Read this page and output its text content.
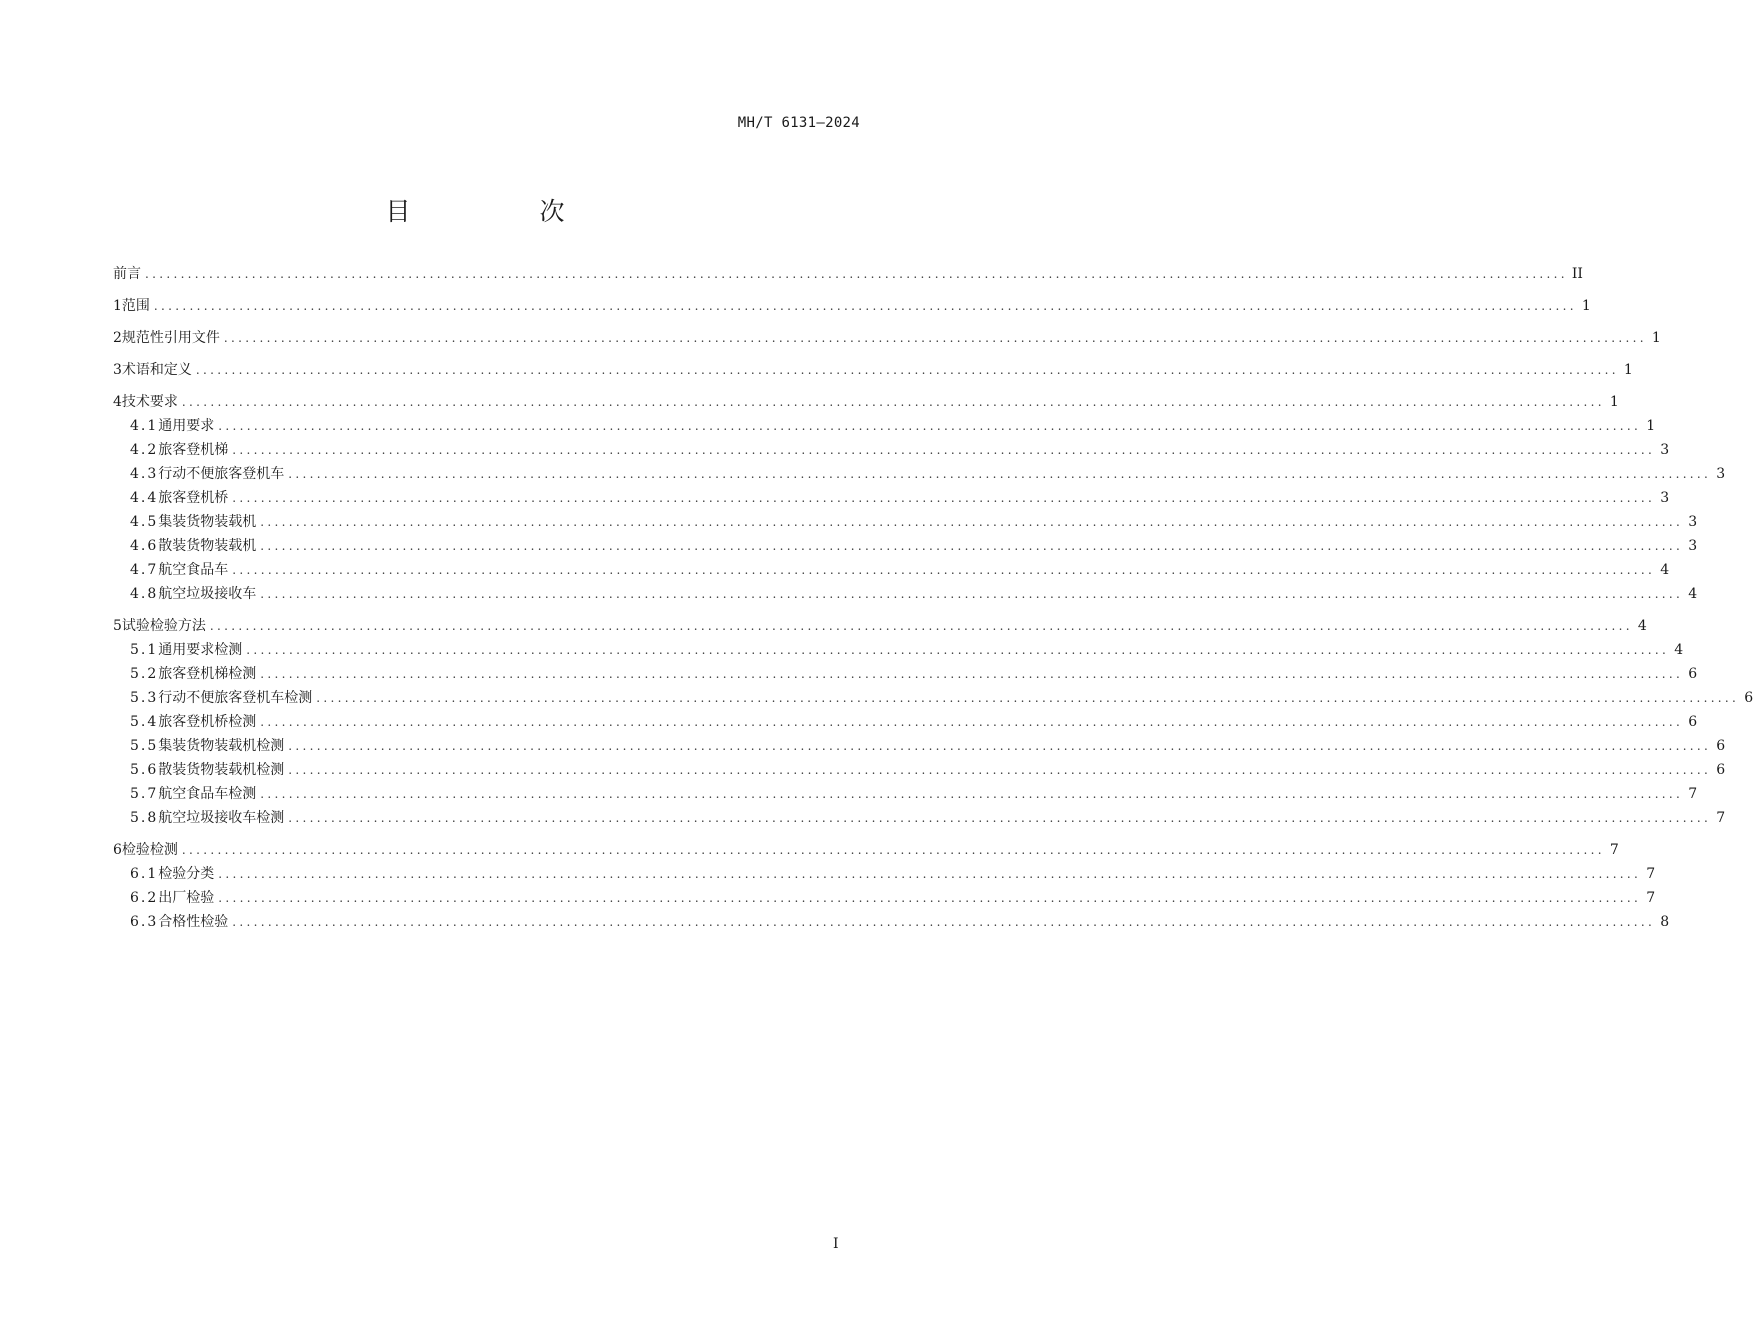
MH/T 6131—2024
目　次
前言 ........................................................................................................................................................................................................ II
1 范围 ........................................................................................................................................................................................................ 1
2 规范性引用文件 ........................................................................................................................................................................................................ 1
3 术语和定义 ........................................................................................................................................................................................................ 1
4 技术要求 ........................................................................................................................................................................................................ 1
4.1 通用要求 ........................................................................................................................................................................................................ 1
4.2 旅客登机梯 ........................................................................................................................................................................................................ 3
4.3 行动不便旅客登机车 ........................................................................................................................................................................................................ 3
4.4 旅客登机桥 ........................................................................................................................................................................................................ 3
4.5 集装货物装载机 ........................................................................................................................................................................................................ 3
4.6 散装货物装载机 ........................................................................................................................................................................................................ 3
4.7 航空食品车 ........................................................................................................................................................................................................ 4
4.8 航空垃圾接收车 ........................................................................................................................................................................................................ 4
5 试验检验方法 ........................................................................................................................................................................................................ 4
5.1 通用要求检测 ........................................................................................................................................................................................................ 4
5.2 旅客登机梯检测 ........................................................................................................................................................................................................ 6
5.3 行动不便旅客登机车检测 ........................................................................................................................................................................................................ 6
5.4 旅客登机桥检测 ........................................................................................................................................................................................................ 6
5.5 集装货物装载机检测 ........................................................................................................................................................................................................ 6
5.6 散装货物装载机检测 ........................................................................................................................................................................................................ 6
5.7 航空食品车检测 ........................................................................................................................................................................................................ 7
5.8 航空垃圾接收车检测 ........................................................................................................................................................................................................ 7
6 检验检测 ........................................................................................................................................................................................................ 7
6.1 检验分类 ........................................................................................................................................................................................................ 7
6.2 出厂检验 ........................................................................................................................................................................................................ 7
6.3 合格性检验 ........................................................................................................................................................................................................ 8
I
